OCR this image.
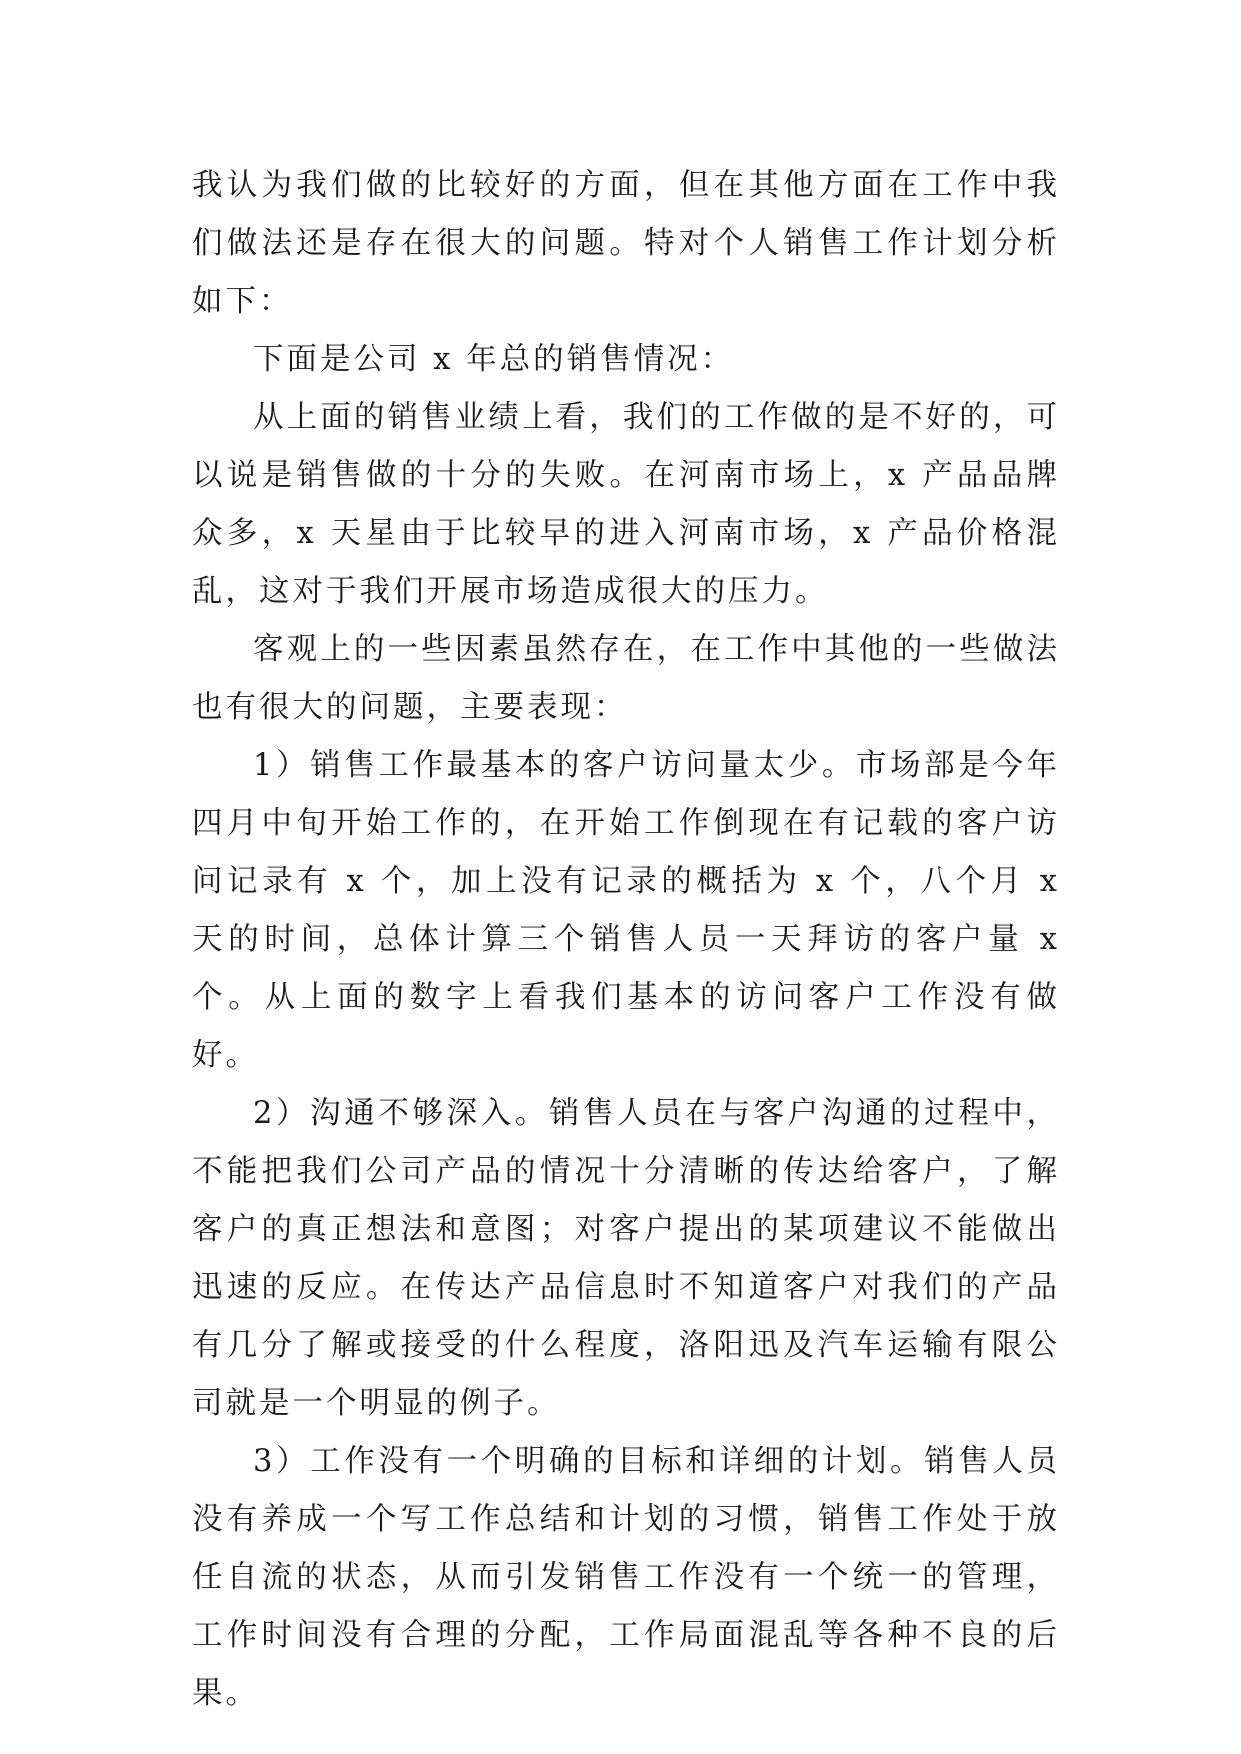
我认为我们做的比较好的方面，但在其他方面在工作中我们做法还是存在很大的问题。特对个人销售工作计划分析如下：

下面是公司 x 年总的销售情况：

从上面的销售业绩上看，我们的工作做的是不好的，可以说是销售做的十分的失败。在河南市场上，x 产品品牌众多，x 天星由于比较早的进入河南市场，x 产品价格混乱，这对于我们开展市场造成很大的压力。

客观上的一些因素虽然存在，在工作中其他的一些做法也有很大的问题，主要表现：

1）销售工作最基本的客户访问量太少。市场部是今年四月中旬开始工作的，在开始工作倒现在有记载的客户访问记录有 x 个，加上没有记录的概括为 x 个，八个月 x 天的时间，总体计算三个销售人员一天拜访的客户量 x 个。从上面的数字上看我们基本的访问客户工作没有做好。

2）沟通不够深入。销售人员在与客户沟通的过程中，不能把我们公司产品的情况十分清晰的传达给客户，了解客户的真正想法和意图；对客户提出的某项建议不能做出迅速的反应。在传达产品信息时不知道客户对我们的产品有几分了解或接受的什么程度，洛阳迅及汽车运输有限公司就是一个明显的例子。

3）工作没有一个明确的目标和详细的计划。销售人员没有养成一个写工作总结和计划的习惯，销售工作处于放任自流的状态，从而引发销售工作没有一个统一的管理，工作时间没有合理的分配，工作局面混乱等各种不良的后果。
